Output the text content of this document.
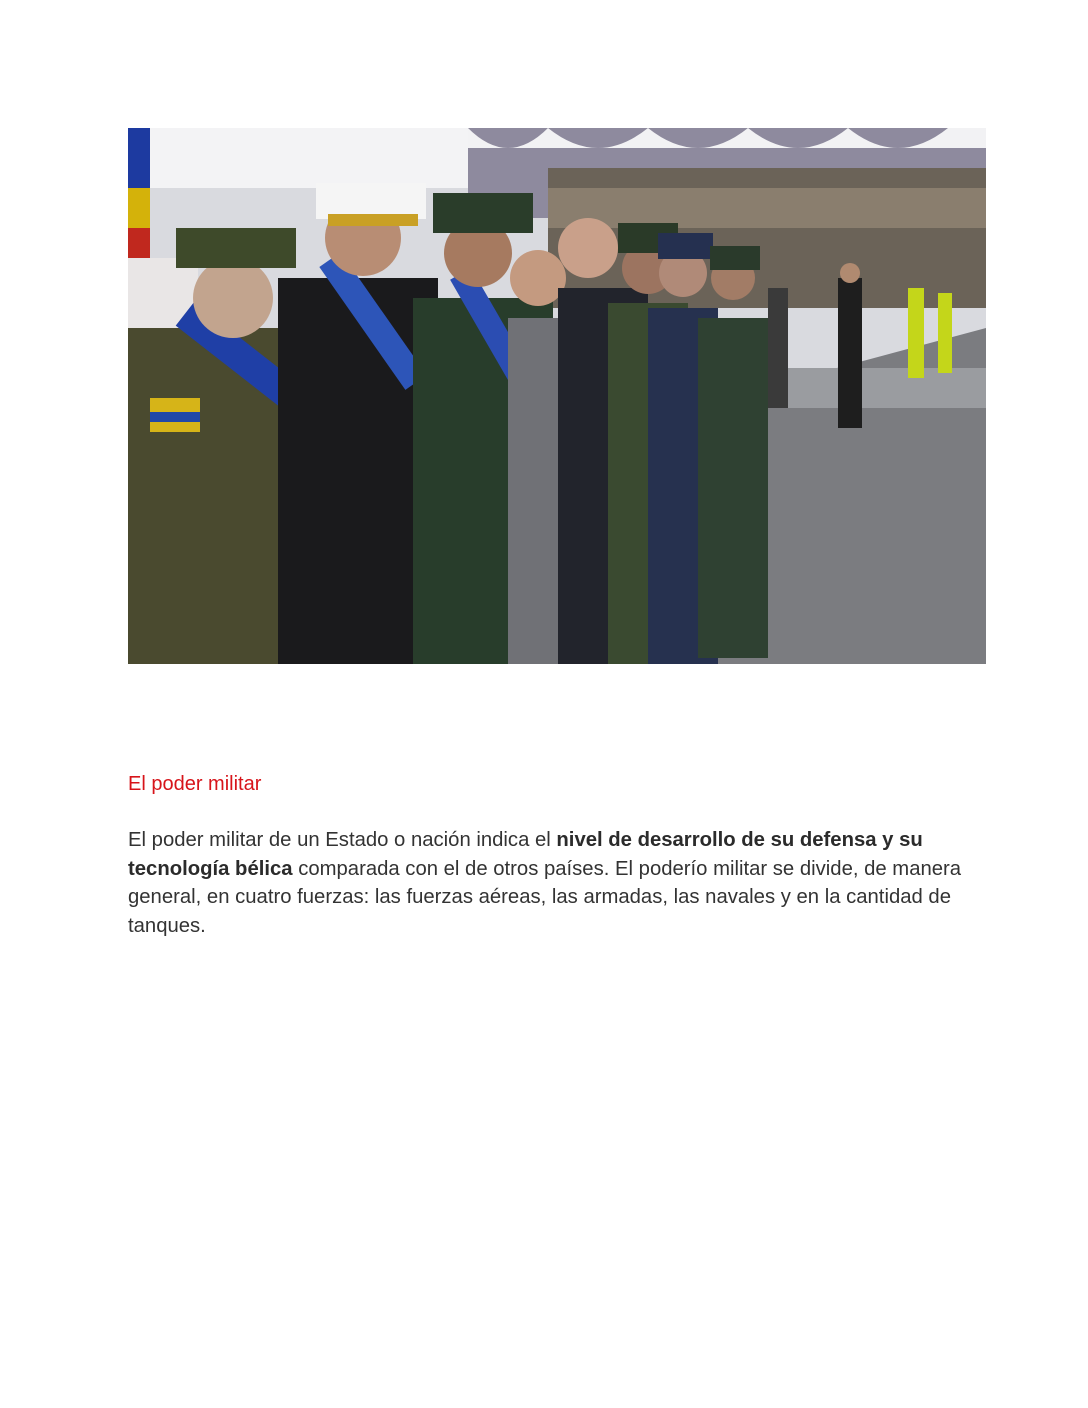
El poder militar

El poder militar de un Estado o nación indica el nivel de desarrollo de su defensa y su tecnología bélica comparada con el de otros países. El poderío militar se divide, de manera general, en cuatro fuerzas: las fuerzas aéreas, las armadas, las navales y en la cantidad de tanques.
